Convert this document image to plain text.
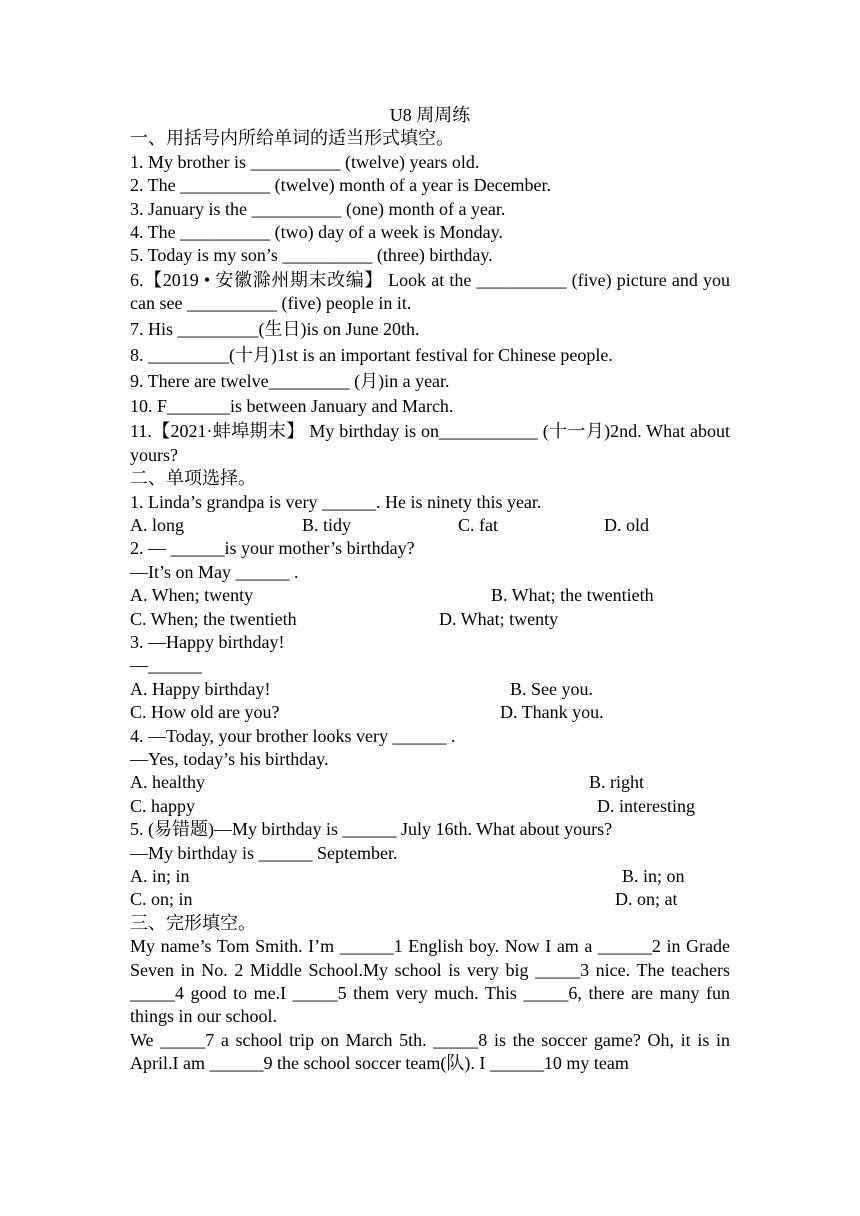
U8 周周练
一、用括号内所给单词的适当形式填空。
1. My brother is __________ (twelve) years old.
2. The __________ (twelve) month of a year is December.
3. January is the __________ (one) month of a year.
4. The __________ (two) day of a week is Monday.
5. Today is my son’s __________ (three) birthday.
6.【2019 • 安徽滁州期末改编】 Look at the __________ (five) picture and you can see __________ (five) people in it.
7. His _________(生日)is on June 20th.
8. _________(十月)1st is an important festival for Chinese people.
9. There are twelve_________ (月)in a year.
10. F_______is between January and March.
11.【2021·蚌埠期末】 My birthday is on___________ (十一月)2nd. What about yours?
二、单项选择。
1. Linda’s grandpa is very ______. He is ninety this year.
A. long	B. tidy	C. fat	D. old
2. — ______is your mother’s birthday?
—It’s on May ______ .
A. When; twenty	B. What; the twentieth
C. When; the twentieth	D. What; twenty
3. —Happy birthday!
—______
A. Happy birthday!	B. See you.
C. How old are you?	D. Thank you.
4. —Today, your brother looks very ______ .
—Yes, today’s his birthday.
A. healthy	B. right
C. happy	D. interesting
5. (易错题)—My birthday is ______ July 16th. What about yours?
—My birthday is ______ September.
A. in; in	B. in; on
C. on; in	D. on; at
三、完形填空。
My name’s Tom Smith. I’m ______1 English boy. Now I am a ______2 in Grade Seven in No. 2 Middle School.My school is very big _____3 nice. The teachers _____4 good to me.I _____5 them very much. This _____6, there are many fun things in our school.
We _____7 a school trip on March 5th. _____8 is the soccer game? Oh, it is in April.I am ______9 the school soccer team(队). I ______10 my team
